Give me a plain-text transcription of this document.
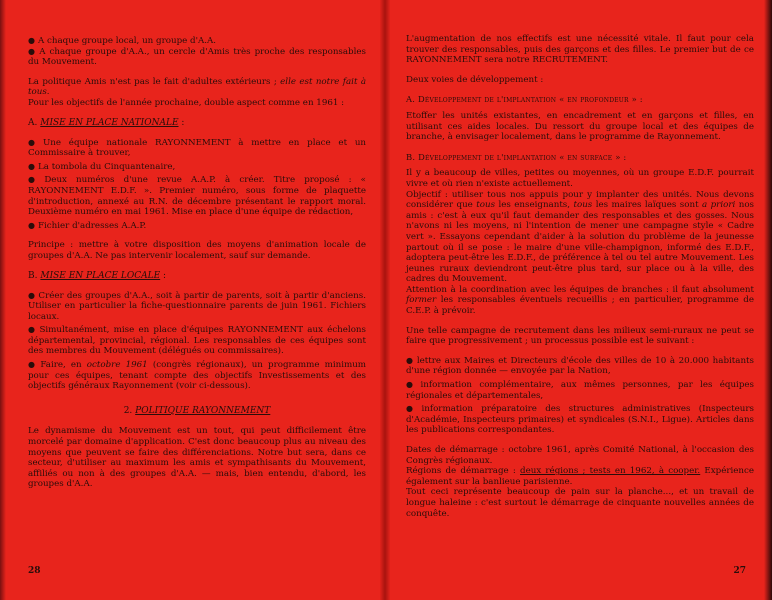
● A chaque groupe local, un groupe d'A.A.

● A chaque groupe d'A.A., un cercle d'Amis très proche des responsables du Mouvement.

La politique Amis n'est pas le fait d'adultes extérieurs ; elle est notre fait à tous.

Pour les objectifs de l'année prochaine, double aspect comme en 1961 :

A. MISE EN PLACE NATIONALE :

● Une équipe nationale RAYONNEMENT à mettre en place et un Commissaire à trouver,

● La tombola du Cinquantenaire,

● Deux numéros d'une revue A.A.P. à créer. Titre proposé : « RAYONNEMENT E.D.F. ». Premier numéro, sous forme de plaquette d'introduction, annexé au R.N. de décembre présentant le rapport moral. Deuxième numéro en mai 1961. Mise en place d'une équipe de rédaction,

● Fichier d'adresses A.A.P.

Principe : mettre à votre disposition des moyens d'animation locale de groupes d'A.A. Ne pas intervenir localement, sauf sur demande.

B. MISE EN PLACE LOCALE :

● Créer des groupes d'A.A., soit à partir de parents, soit à partir d'anciens. Utiliser en particulier la fiche-questionnaire parents de juin 1961. Fichiers locaux.

● Simultanément, mise en place d'équipes RAYONNEMENT aux échelons départemental, provincial, régional. Les responsables de ces équipes sont des membres du Mouvement (délégués ou commissaires).

● Faire, en octobre 1961 (congrès régionaux), un programme minimum pour ces équipes, tenant compte des objectifs Investissements et des objectifs généraux Rayonnement (voir ci-dessous).

2. POLITIQUE RAYONNEMENT

Le dynamisme du Mouvement est un tout, qui peut difficilement être morcelé par domaine d'application. C'est donc beaucoup plus au niveau des moyens que peuvent se faire des différenciations. Notre but sera, dans ce secteur, d'utiliser au maximum les amis et sympathisants du Mouvement, affiliés ou non à des groupes d'A.A. — mais, bien entendu, d'abord, les groupes d'A.A.

28

L'augmentation de nos effectifs est une nécessité vitale. Il faut pour cela trouver des responsables, puis des garçons et des filles. Le premier but de ce RAYONNEMENT sera notre RECRUTEMENT.

Deux voies de développement :

A. Développement de l'implantation « en profondeur » :

Etoffer les unités existantes, en encadrement et en garçons et filles, en utilisant ces aides locales. Du ressort du groupe local et des équipes de branche, à envisager localement, dans le programme de Rayonnement.

B. Développement de l'implantation « en surface » :

Il y a beaucoup de villes, petites ou moyennes, où un groupe E.D.F. pourrait vivre et où rien n'existe actuellement.

Objectif : utiliser tous nos appuis pour y implanter des unités. Nous devons considérer que tous les enseignants, tous les maires laïques sont a priori nos amis : c'est à eux qu'il faut demander des responsables et des gosses. Nous n'avons ni les moyens, ni l'intention de mener une campagne style « Cadre vert ». Essayons cependant d'aider à la solution du problème de la jeunesse partout où il se pose : le maire d'une ville-champignon, informé des E.D.F., adoptera peut-être les E.D.F., de préférence à tel ou tel autre Mouvement. Les jeunes ruraux deviendront peut-être plus tard, sur place ou à la ville, des cadres du Mouvement.

Attention à la coordination avec les équipes de branches : il faut absolument former les responsables éventuels recueillis ; en particulier, programme de C.E.P. à prévoir.

Une telle campagne de recrutement dans les milieux semi-ruraux ne peut se faire que progressivement ; un processus possible est le suivant :

● lettre aux Maires et Directeurs d'école des villes de 10 à 20.000 habitants d'une région donnée — envoyée par la Nation,

● information complémentaire, aux mêmes personnes, par les équipes régionales et départementales,

● information préparatoire des structures administratives (Inspecteurs d'Académie, Inspecteurs primaires) et syndicales (S.N.I., Ligue). Articles dans les publications correspondantes.

Dates de démarrage : octobre 1961, après Comité National, à l'occasion des Congrès régionaux.

Régions de démarrage : deux régions ; tests en 1962, à cooper. Expérience également sur la banlieue parisienne.

Tout ceci représente beaucoup de pain sur la planche..., et un travail de longue haleine : c'est surtout le démarrage de cinquante nouvelles années de conquête.

27
